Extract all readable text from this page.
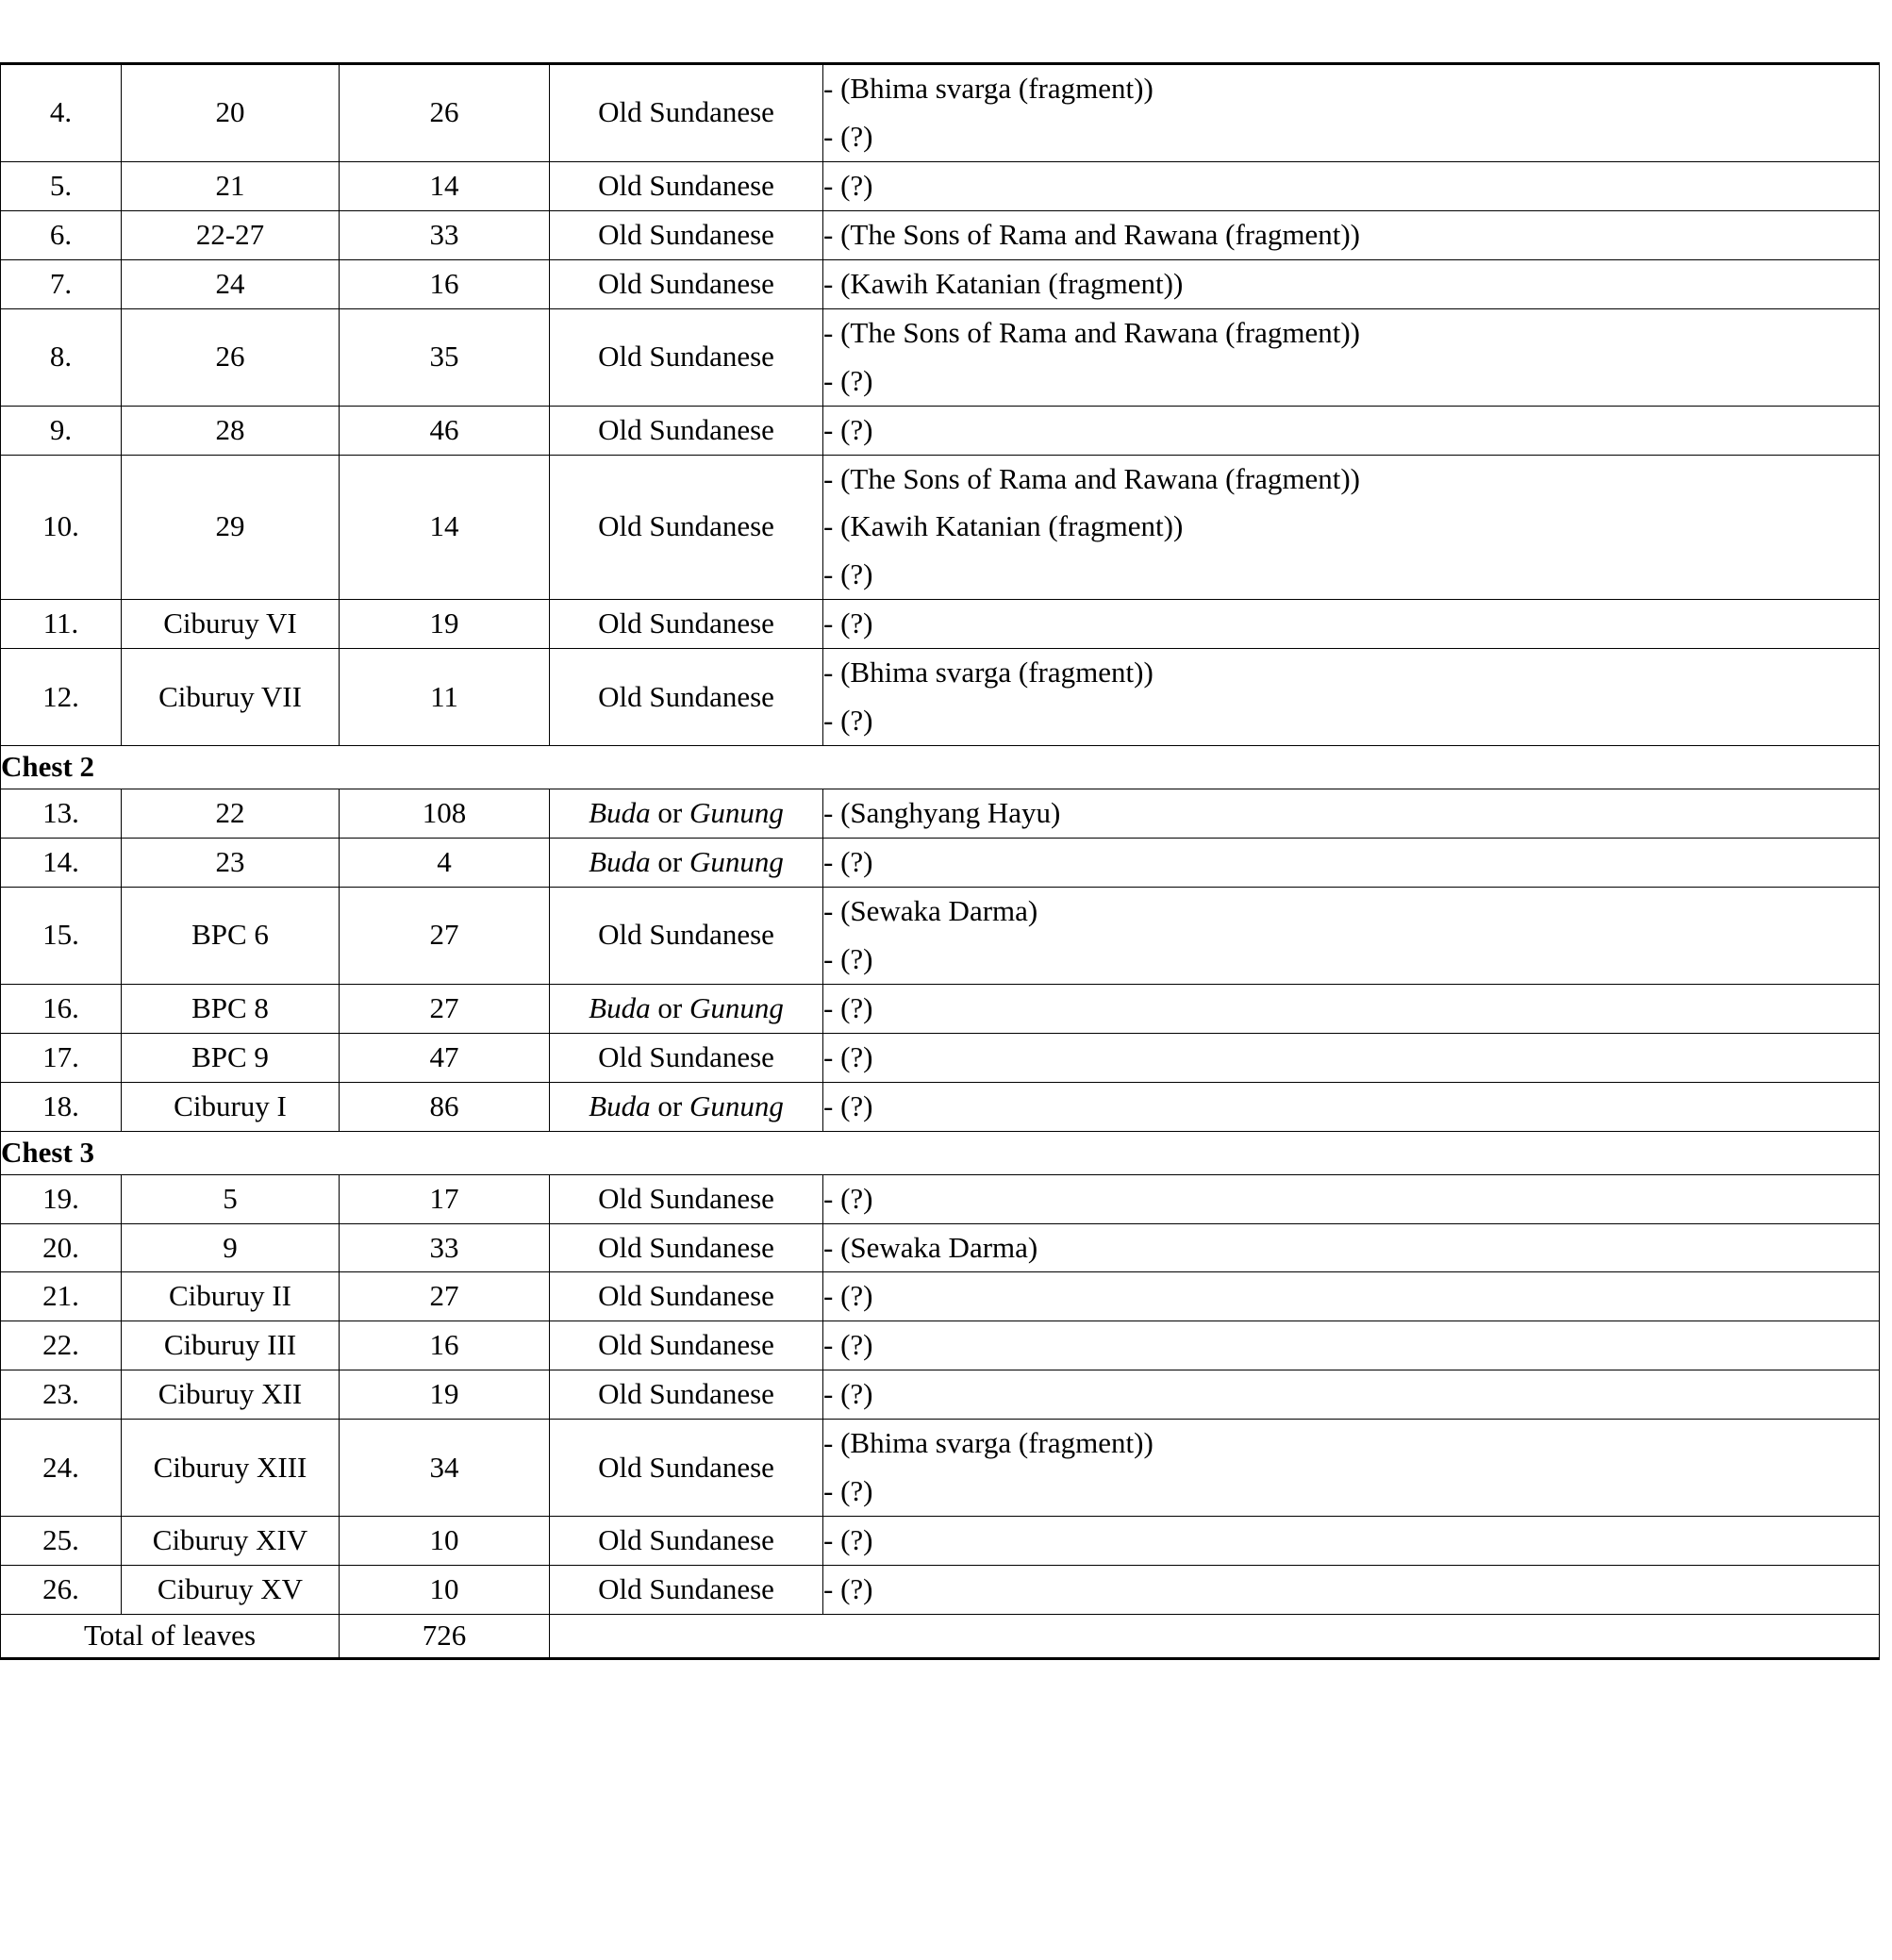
4.	20	26	Old Sundanese	- (Bhima svarga (fragment))

- (?)

5.	21	14	Old Sundanese	- (?)

6.	22-27	33	Old Sundanese	- (The Sons of Rama and Rawana (fragment))

7.	24	16	Old Sundanese	- (Kawih Katanian (fragment))

8.	26	35	Old Sundanese	- (The Sons of Rama and Rawana (fragment))

- (?)

9.	28	46	Old Sundanese	- (?)

10.	29	14	Old Sundanese	- (The Sons of Rama and Rawana (fragment))

- (Kawih Katanian (fragment))

- (?)

11.	Ciburuy VI	19	Old Sundanese	- (?)

12.	Ciburuy VII	11	Old Sundanese	- (Bhima svarga (fragment))

- (?)

Chest 2				
13.	22	108	Buda or Gunung	- (Sanghyang Hayu)

14.	23	4	Buda or Gunung	- (?)

15.	BPC 6	27	Old Sundanese	- (Sewaka Darma)

- (?)

16.	BPC 8	27	Buda or Gunung	- (?)

17.	BPC 9	47	Old Sundanese	- (?)

18.	Ciburuy I	86	Buda or Gunung	- (?)

Chest 3				
19.	5	17	Old Sundanese	- (?)

20.	9	33	Old Sundanese	- (Sewaka Darma)

21.	Ciburuy II	27	Old Sundanese	- (?)

22.	Ciburuy III	16	Old Sundanese	- (?)

23.	Ciburuy XII	19	Old Sundanese	- (?)

24.	Ciburuy XIII	34	Old Sundanese	- (Bhima svarga (fragment))

- (?)

25.	Ciburuy XIV	10	Old Sundanese	- (?)

26.	Ciburuy XV	10	Old Sundanese	- (?)

Total of leaves		726		
